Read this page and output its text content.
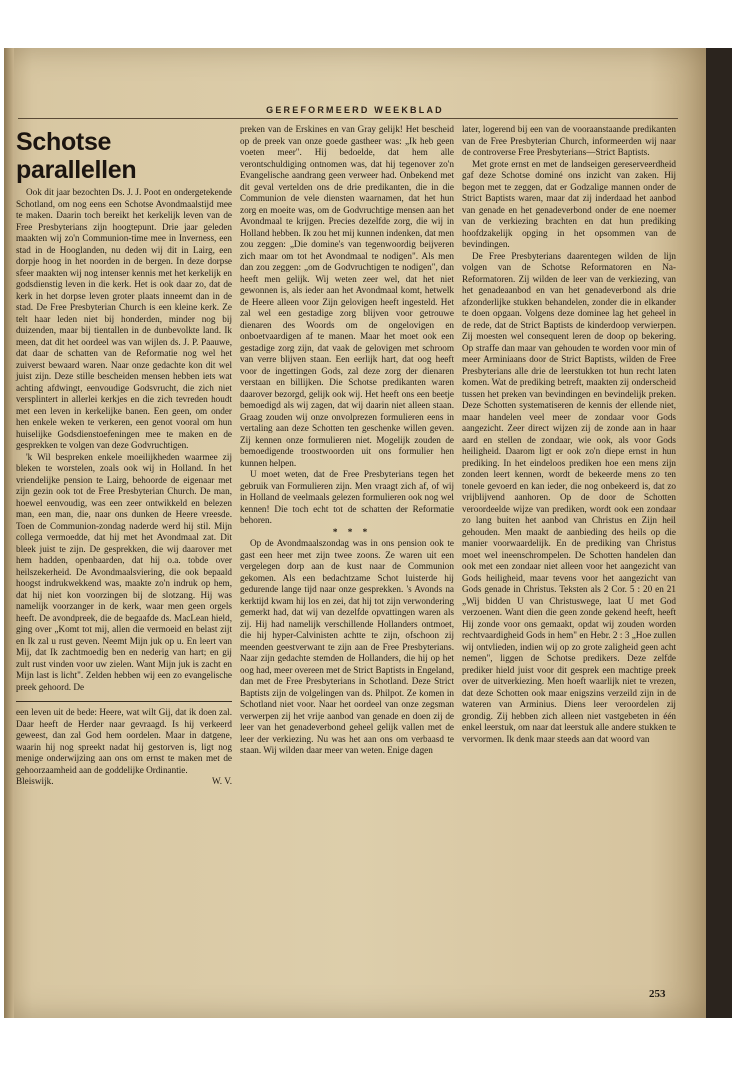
GEREFORMEERD WEEKBLAD
Schotse parallellen

Ook dit jaar bezochten Ds. J. J. Poot en ondergetekende Schotland, om nog eens een Schotse Avondmaalstijd mee te maken. Daarin toch bereikt het kerkelijk leven van de Free Presbyterians zijn hoogtepunt. Drie jaar geleden maakten wij zo'n Communion-time mee in Inverness, een stad in de Hooglanden, nu deden wij dit in Lairg, een dorpje hoog in het noorden in de bergen. In deze dorpse sfeer maakten wij nog intenser kennis met het kerkelijk en godsdienstig leven in die kerk. Het is ook daar zo, dat de kerk in het dorpse leven groter plaats inneemt dan in de stad. De Free Presbyterian Church is een kleine kerk. Ze telt haar leden niet bij honderden, minder nog bij duizenden, maar bij tientallen in de dunbevolkte land. Ik meen, dat dit het oordeel was van wijlen ds. J. P. Paauwe, dat daar de schatten van de Reformatie nog wel het zuiverst bewaard waren. Naar onze gedachte kon dit wel juist zijn. Deze stille bescheiden mensen hebben iets wat achting afdwingt, eenvoudige Godsvrucht, die zich niet versplintert in allerlei kerkjes en die zich tevreden houdt met een leven in kerkelijke banen. Een geen, om onder hen enkele weken te verkeren, een genot vooral om hun huiselijke Godsdienstoefeningen mee te maken en de gesprekken te volgen van deze Godvruchtigen.

'k Wil bespreken enkele moeilijkheden waarmee zij bleken te worstelen, zoals ook wij in Holland. In het vriendelijke pension te Lairg, behoorde de eigenaar met zijn gezin ook tot de Free Presbyterian Church. De man, hoewel eenvoudig, was een zeer ontwikkeld en belezen man, een man, die, naar ons dunken de Heere vreesde. Toen de Communion-zondag naderde werd hij stil. Mijn collega vermoedde, dat hij met het Avondmaal zat. Dit bleek juist te zijn. De gesprekken, die wij daarover met hem hadden, openbaarden, dat hij o.a. tobde over heilszekerheid. De Avondmaalsviering, die ook bepaald hoogst indrukwekkend was, maakte zo'n indruk op hem, dat hij niet kon voorzingen bij de slotzang. Hij was namelijk voorzanger in de kerk, waar men geen orgels heeft. De avondpreek, die de begaafde ds. MacLean hield, ging over „Komt tot mij, allen die vermoeid en belast zijt en Ik zal u rust geven. Neemt Mijn juk op u. En leert van Mij, dat Ik zachtmoedig ben en nederig van hart; en gij zult rust vinden voor uw zielen. Want Mijn juk is zacht en Mijn last is licht". Zelden hebben wij een zo evangelische preek gehoord. De

een leven uit de bede: Heere, wat wilt Gij, dat ik doen zal. Daar heeft de Herder naar gevraagd. Is hij verkeerd geweest, dan zal God hem oordelen. Maar in datgene, waarin hij nog spreekt nadat hij gestorven is, ligt nog menige onderwijzing aan ons om ernst te maken met de gehoorzaamheid aan de goddelijke Ordinantie.

Bleiswijk.	W. V.

preken van de Erskines en van Gray gelijk! Het bescheid op de preek van onze goede gastheer was: „Ik heb geen voeten meer". Hij bedoelde, dat hem alle verontschuldiging ontnomen was, dat hij tegenover zo'n Evangelische aandrang geen verweer had. Onbekend met dit geval vertelden ons de drie predikanten, die in die Communion de vele diensten waarnamen, dat het hun zorg en moeite was, om de Godvruchtige mensen aan het Avondmaal te krijgen. Precies dezelfde zorg, die wij in Holland hebben. Ik zou het mij kunnen indenken, dat men zou zeggen: „Die domine's van tegenwoordig beijveren zich maar om tot het Avondmaal te nodigen". Als men dan zou zeggen: „om de Godvruchtigen te nodigen", dan heeft men gelijk. Wij weten zeer wel, dat het niet gewonnen is, als ieder aan het Avondmaal komt, hetwelk de Heere alleen voor Zijn gelovigen heeft ingesteld. Het zal wel een gestadige zorg blijven voor getrouwe dienaren des Woords om de ongelovigen en onboetvaardigen af te manen. Maar het moet ook een gestadige zorg zijn, dat vaak de gelovigen met schroom van verre blijven staan. Een eerlijk hart, dat oog heeft voor de ingettingen Gods, zal deze zorg der dienaren verstaan en billijken. Die Schotse predikanten waren daarover bezorgd, gelijk ook wij. Het heeft ons een beetje bemoedigd als wij zagen, dat wij daarin niet alleen staan. Graag zouden wij onze onvolprezen formulieren eens in vertaling aan deze Schotten ten geschenke willen geven. Zij kennen onze formulieren niet. Mogelijk zouden de bemoedigende troostwoorden uit ons formulier hen kunnen helpen.

U moet weten, dat de Free Presbyterians tegen het gebruik van Formulieren zijn. Men vraagt zich af, of wij in Holland de veelmaals gelezen formulieren ook nog wel kennen! Die toch echt tot de schatten der Reformatie behoren.

* * *

Op de Avondmaalszondag was in ons pension ook te gast een heer met zijn twee zoons. Ze waren uit een vergelegen dorp aan de kust naar de Communion gekomen. Als een bedachtzame Schot luisterde hij gedurende lange tijd naar onze gesprekken. 's Avonds na kerktijd kwam hij los en zei, dat hij tot zijn verwondering gemerkt had, dat wij van dezelfde opvattingen waren als zij. Hij had namelijk verschillende Hollanders ontmoet, die hij hyper-Calvinisten achtte te zijn, ofschoon zij meenden geestverwant te zijn aan de Free Presbyterians. Naar zijn gedachte stemden de Hollanders, die hij op het oog had, meer overeen met de Strict Baptists in Engeland, dan met de Free Presbyterians in Schotland. Deze Strict Baptists zijn de volgelingen van ds. Philpot. Ze komen in Schotland niet voor. Naar het oordeel van onze zegsman verwerpen zij het vrije aanbod van genade en doen zij de leer van het genadeverbond geheel gelijk vallen met de leer der verkiezing. Nu was het aan ons om verbaasd te staan. Wij wilden daar meer van weten. Enige dagen

later, logerend bij een van de vooraanstaande predikanten van de Free Presbyterian Church, informeerden wij naar de controverse Free Presbyterians—Strict Baptists.

Met grote ernst en met de landseigen gereserveerdheid gaf deze Schotse dominé ons inzicht van zaken. Hij begon met te zeggen, dat er Godzalige mannen onder de Strict Baptists waren, maar dat zij inderdaad het aanbod van genade en het genadeverbond onder de ene noemer van de verkiezing brachten en dat hun prediking hoofdzakelijk opging in het opsommen van de bevindingen.

De Free Presbyterians daarentegen wilden de lijn volgen van de Schotse Reformatoren en Na-Reformatoren. Zij wilden de leer van de verkiezing, van het genadeaanbod en van het genadeverbond als drie afzonderlijke stukken behandelen, zonder die in elkander te doen opgaan. Volgens deze dominee lag het geheel in de rede, dat de Strict Baptists de kinderdoop verwierpen. Zij moesten wel consequent leren de doop op bekering. Op straffe dan maar van gehouden te worden voor min of meer Arminiaans door de Strict Baptists, wilden de Free Presbyterians alle drie de leerstukken tot hun recht laten komen. Wat de prediking betreft, maakten zij onderscheid tussen het preken van bevindingen en bevindelijk preken. Deze Schotten systematiseren de kennis der ellende niet, maar handelen veel meer de zondaar voor Gods aangezicht. Zeer direct wijzen zij de zonde aan in haar aard en stellen de zondaar, wie ook, als voor Gods heiligheid. Daarom ligt er ook zo'n diepe ernst in hun prediking. In het eindeloos prediken hoe een mens zijn zonden leert kennen, wordt de bekeerde mens zo ten tonele gevoerd en kan ieder, die nog onbekeerd is, dat zo vrijblijvend aanhoren. Op de door de Schotten veroordeelde wijze van prediken, wordt ook een zondaar zo lang buiten het aanbod van Christus en Zijn heil gehouden. Men maakt de aanbieding des heils op die manier voorwaardelijk. En de prediking van Christus moet wel ineenschrompelen. De Schotten handelen dan ook met een zondaar niet alleen voor het aangezicht van Gods heiligheid, maar tevens voor het aangezicht van Gods genade in Christus. Teksten als 2 Cor. 5 : 20 en 21 „Wij bidden U van Christuswege, laat U met God verzoenen. Want dien die geen zonde gekend heeft, heeft Hij zonde voor ons gemaakt, opdat wij zouden worden rechtvaardigheid Gods in hem" en Hebr. 2 : 3 „Hoe zullen wij ontvlieden, indien wij op zo grote zaligheid geen acht nemen", liggen de Schotse predikers. Deze zelfde prediker hield juist voor dit gesprek een machtige preek over de uitverkiezing. Men hoeft waarlijk niet te vrezen, dat deze Schotten ook maar enigszins verzeild zijn in de wateren van Arminius. Diens leer veroordelen zij grondig. Zij hebben zich alleen niet vastgebeten in één enkel leerstuk, om naar dat leerstuk alle andere stukken te vervormen. Ik denk maar steeds aan dat woord van

253
